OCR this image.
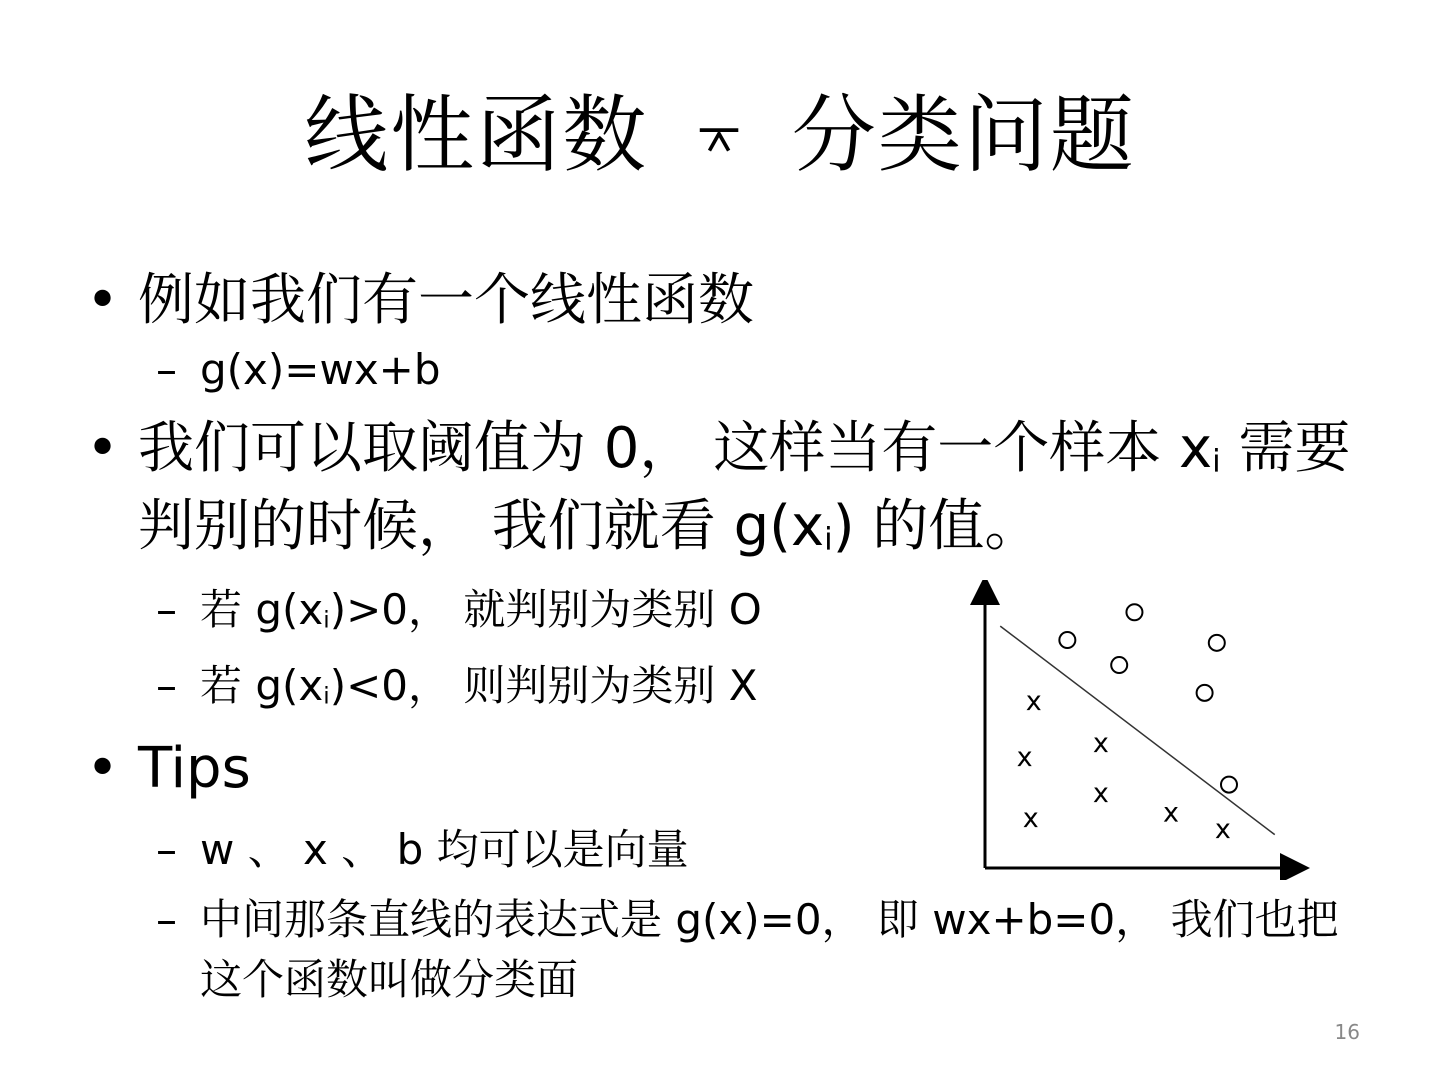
线性函数 ⌅ 分类问题
• 例如我们有一个线性函数
– g(x)=wx+b
• 我们可以取阈值为 0， 这样当有一个样本 $x_i$ 需要判别的时候， 我们就看 $g(x_i)$ 的值。
– 若 $g(x_i)>0$， 就判别为类别 O
– 若 $g(x_i)<0$， 则判别为类别 X
• Tips
– w 、 x 、 b 均可以是向量
– 中间那条直线的表达式是 g(x)=0， 即 wx+b=0， 我们也把这个函数叫做分类面
x
x x
x
x	x
x
16
